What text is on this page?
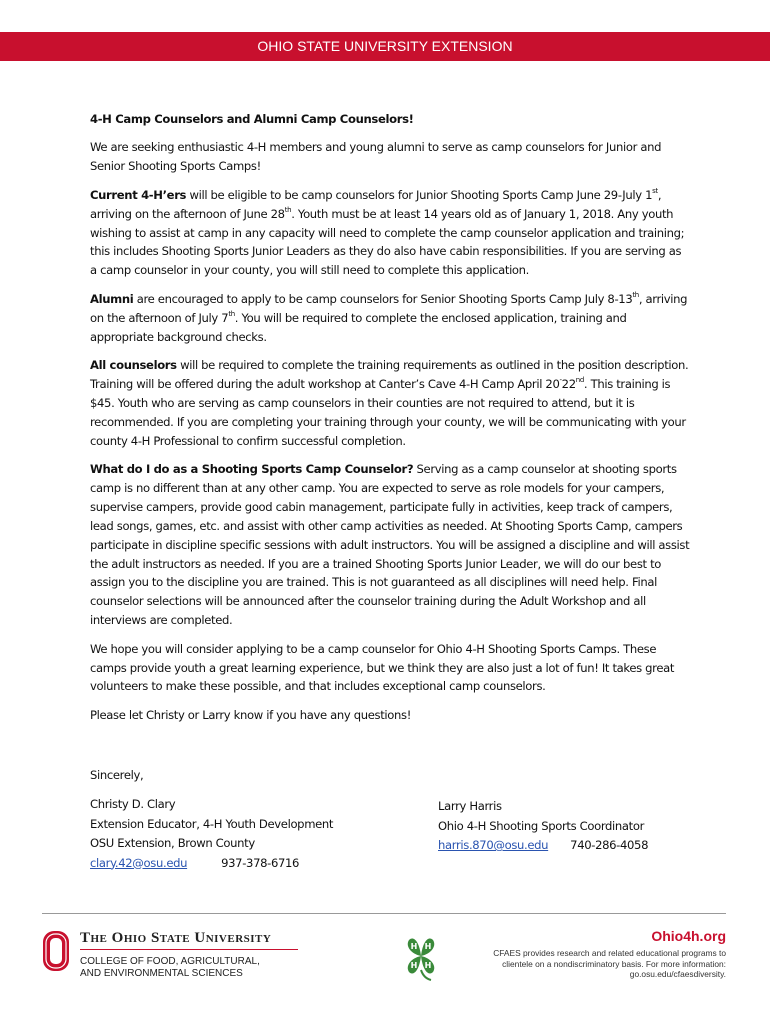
OHIO STATE UNIVERSITY EXTENSION

4-H Camp Counselors and Alumni Camp Counselors!

We are seeking enthusiastic 4-H members and young alumni to serve as camp counselors for Junior and Senior Shooting Sports Camps!

Current 4-H’ers will be eligible to be camp counselors for Junior Shooting Sports Camp June 29-July 1st, arriving on the afternoon of June 28th. Youth must be at least 14 years old as of January 1, 2018. Any youth wishing to assist at camp in any capacity will need to complete the camp counselor application and training; this includes Shooting Sports Junior Leaders as they do also have cabin responsibilities. If you are serving as a camp counselor in your county, you will still need to complete this application.

Alumni are encouraged to apply to be camp counselors for Senior Shooting Sports Camp July 8-13th, arriving on the afternoon of July 7th. You will be required to complete the enclosed application, training and appropriate background checks.

All counselors will be required to complete the training requirements as outlined in the position description. Training will be offered during the adult workshop at Canter’s Cave 4-H Camp April 20-22nd. This training is $45. Youth who are serving as camp counselors in their counties are not required to attend, but it is recommended. If you are completing your training through your county, we will be communicating with your county 4-H Professional to confirm successful completion.

What do I do as a Shooting Sports Camp Counselor? Serving as a camp counselor at shooting sports camp is no different than at any other camp. You are expected to serve as role models for your campers, supervise campers, provide good cabin management, participate fully in activities, keep track of campers, lead songs, games, etc. and assist with other camp activities as needed. At Shooting Sports Camp, campers participate in discipline specific sessions with adult instructors. You will be assigned a discipline and will assist the adult instructors as needed. If you are a trained Shooting Sports Junior Leader, we will do our best to assign you to the discipline you are trained. This is not guaranteed as all disciplines will need help. Final counselor selections will be announced after the counselor training during the Adult Workshop and all interviews are completed.

We hope you will consider applying to be a camp counselor for Ohio 4-H Shooting Sports Camps. These camps provide youth a great learning experience, but we think they are also just a lot of fun! It takes great volunteers to make these possible, and that includes exceptional camp counselors.

Please let Christy or Larry know if you have any questions!

Sincerely,
Christy D. Clary
Extension Educator, 4-H Youth Development
OSU Extension, Brown County
clary.42@osu.edu	937-378-6716
Larry Harris
Ohio 4-H Shooting Sports Coordinator
harris.870@osu.edu 740-286-4058
The Ohio State University
COLLEGE OF FOOD, AGRICULTURAL,
AND ENVIRONMENTAL SCIENCES
H H
H H
Ohio4h.org
CFAES provides research and related educational programs to clientele on a nondiscriminatory basis. For more information: go.osu.edu/cfaesdiversity.
